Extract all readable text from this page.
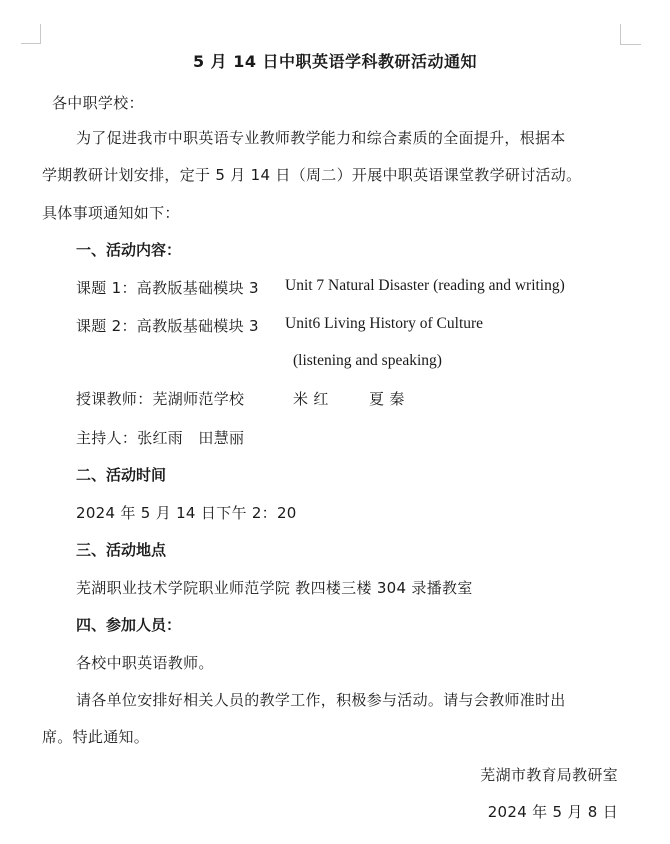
5 月 14 日中职英语学科教研活动通知
各中职学校：
为了促进我市中职英语专业教师教学能力和综合素质的全面提升，根据本
学期教研计划安排，定于 5 月 14 日（周二）开展中职英语课堂教学研讨活动。
具体事项通知如下：
一、活动内容：
课题 1：高教版基础模块 3 Unit 7 Natural Disaster (reading and writing)
课题 2：高教版基础模块 3 Unit6 Living History of Culture
(listening and speaking)
授课教师：芜湖师范学校	米 红	夏 秦
主持人：张红雨　田慧丽
二、活动时间
2024 年 5 月 14 日下午 2：20
三、活动地点
芜湖职业技术学院职业师范学院 教四楼三楼 304 录播教室
四、参加人员：
各校中职英语教师。
请各单位安排好相关人员的教学工作，积极参与活动。请与会教师准时出
席。特此通知。
芜湖市教育局教研室
2024 年 5 月 8 日
